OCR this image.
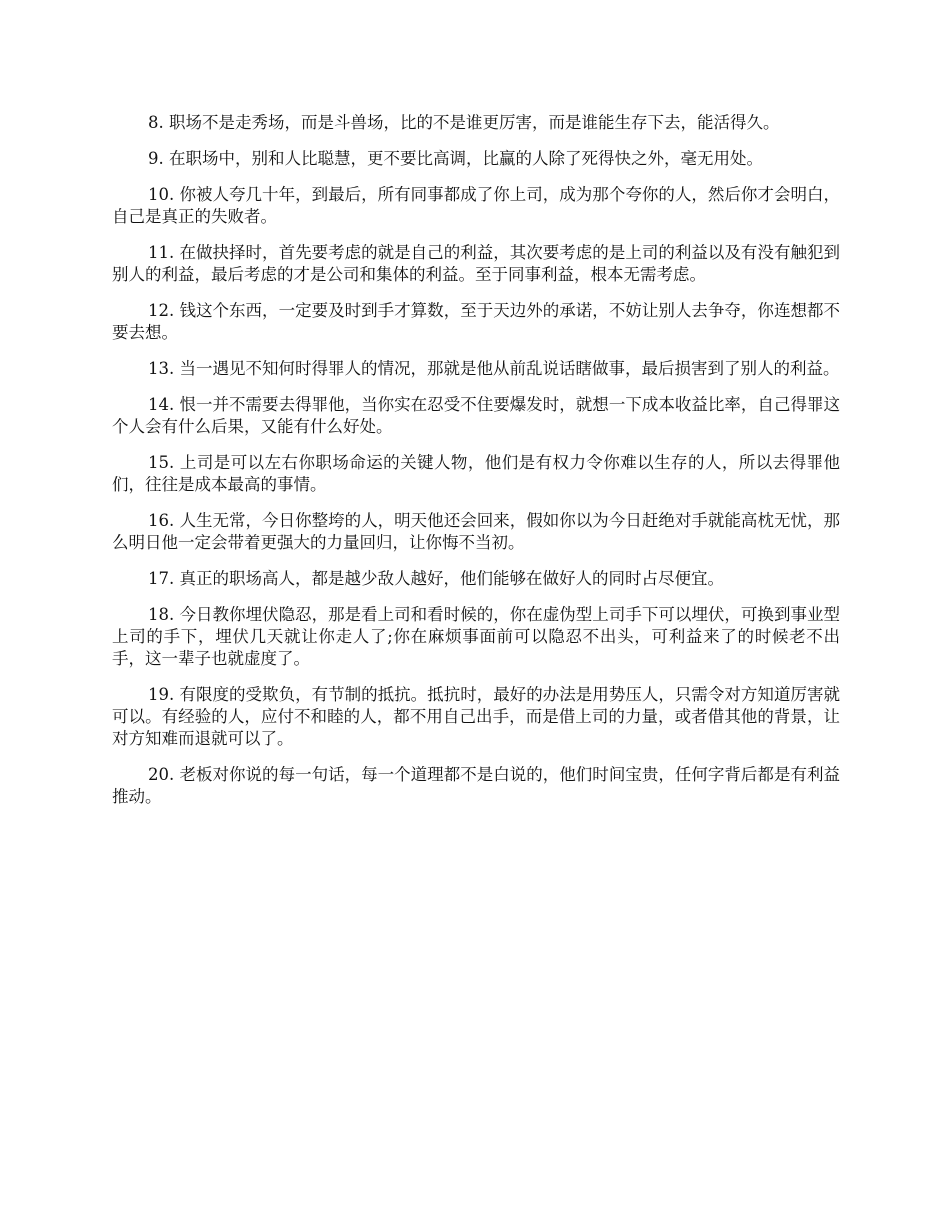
8. 职场不是走秀场，而是斗兽场，比的不是谁更厉害，而是谁能生存下去，能活得久。

9. 在职场中，别和人比聪慧，更不要比高调，比赢的人除了死得快之外，毫无用处。

10. 你被人夸几十年，到最后，所有同事都成了你上司，成为那个夸你的人，然后你才会明白，自己是真正的失败者。

11. 在做抉择时，首先要考虑的就是自己的利益，其次要考虑的是上司的利益以及有没有触犯到别人的利益，最后考虑的才是公司和集体的利益。至于同事利益，根本无需考虑。

12. 钱这个东西，一定要及时到手才算数，至于天边外的承诺，不妨让别人去争夺，你连想都不要去想。

13. 当一遇见不知何时得罪人的情况，那就是他从前乱说话瞎做事，最后损害到了别人的利益。

14. 恨一并不需要去得罪他，当你实在忍受不住要爆发时，就想一下成本收益比率，自己得罪这个人会有什么后果，又能有什么好处。

15. 上司是可以左右你职场命运的关键人物，他们是有权力令你难以生存的人，所以去得罪他们，往往是成本最高的事情。

16. 人生无常，今日你整垮的人，明天他还会回来，假如你以为今日赶绝对手就能高枕无忧，那么明日他一定会带着更强大的力量回归，让你悔不当初。

17. 真正的职场高人，都是越少敌人越好，他们能够在做好人的同时占尽便宜。

18. 今日教你埋伏隐忍，那是看上司和看时候的，你在虚伪型上司手下可以埋伏，可换到事业型上司的手下，埋伏几天就让你走人了;你在麻烦事面前可以隐忍不出头，可利益来了的时候老不出手，这一辈子也就虚度了。

19. 有限度的受欺负，有节制的抵抗。抵抗时，最好的办法是用势压人，只需令对方知道厉害就可以。有经验的人，应付不和睦的人，都不用自己出手，而是借上司的力量，或者借其他的背景，让对方知难而退就可以了。

20. 老板对你说的每一句话，每一个道理都不是白说的，他们时间宝贵，任何字背后都是有利益推动。
